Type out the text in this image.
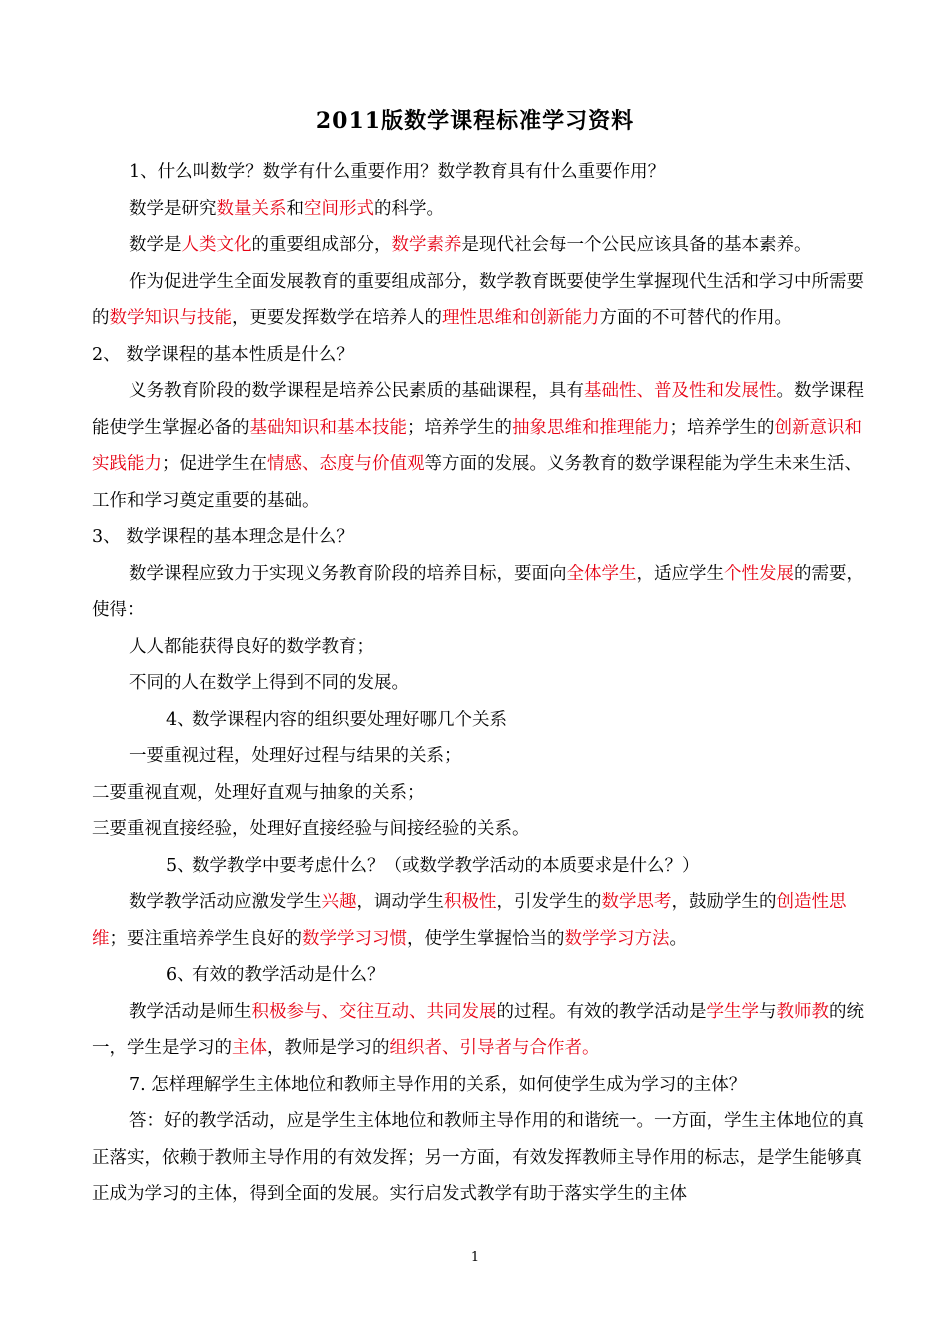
2011版数学课程标准学习资料

1、什么叫数学？数学有什么重要作用？数学教育具有什么重要作用？

数学是研究数量关系和空间形式的科学。

数学是人类文化的重要组成部分，数学素养是现代社会每一个公民应该具备的基本素养。

作为促进学生全面发展教育的重要组成部分，数学教育既要使学生掌握现代生活和学习中所需要的数学知识与技能，更要发挥数学在培养人的理性思维和创新能力方面的不可替代的作用。

2、 数学课程的基本性质是什么？

义务教育阶段的数学课程是培养公民素质的基础课程，具有基础性、普及性和发展性。数学课程能使学生掌握必备的基础知识和基本技能；培养学生的抽象思维和推理能力；培养学生的创新意识和实践能力；促进学生在情感、态度与价值观等方面的发展。义务教育的数学课程能为学生未来生活、工作和学习奠定重要的基础。

3、 数学课程的基本理念是什么？

数学课程应致力于实现义务教育阶段的培养目标，要面向全体学生，适应学生个性发展的需要，使得：

人人都能获得良好的数学教育；

不同的人在数学上得到不同的发展。

4、数学课程内容的组织要处理好哪几个关系

一要重视过程，处理好过程与结果的关系；

二要重视直观，处理好直观与抽象的关系；

三要重视直接经验，处理好直接经验与间接经验的关系。

5、数学教学中要考虑什么？（或数学教学活动的本质要求是什么？）

数学教学活动应激发学生兴趣，调动学生积极性，引发学生的数学思考，鼓励学生的创造性思维；要注重培养学生良好的数学学习习惯，使学生掌握恰当的数学学习方法。

6、有效的教学活动是什么？

教学活动是师生积极参与、交往互动、共同发展的过程。有效的教学活动是学生学与教师教的统一，学生是学习的主体，教师是学习的组织者、引导者与合作者。

7. 怎样理解学生主体地位和教师主导作用的关系，如何使学生成为学习的主体？

答：好的教学活动，应是学生主体地位和教师主导作用的和谐统一。一方面，学生主体地位的真正落实，依赖于教师主导作用的有效发挥；另一方面，有效发挥教师主导作用的标志，是学生能够真正成为学习的主体，得到全面的发展。实行启发式教学有助于落实学生的主体

1
